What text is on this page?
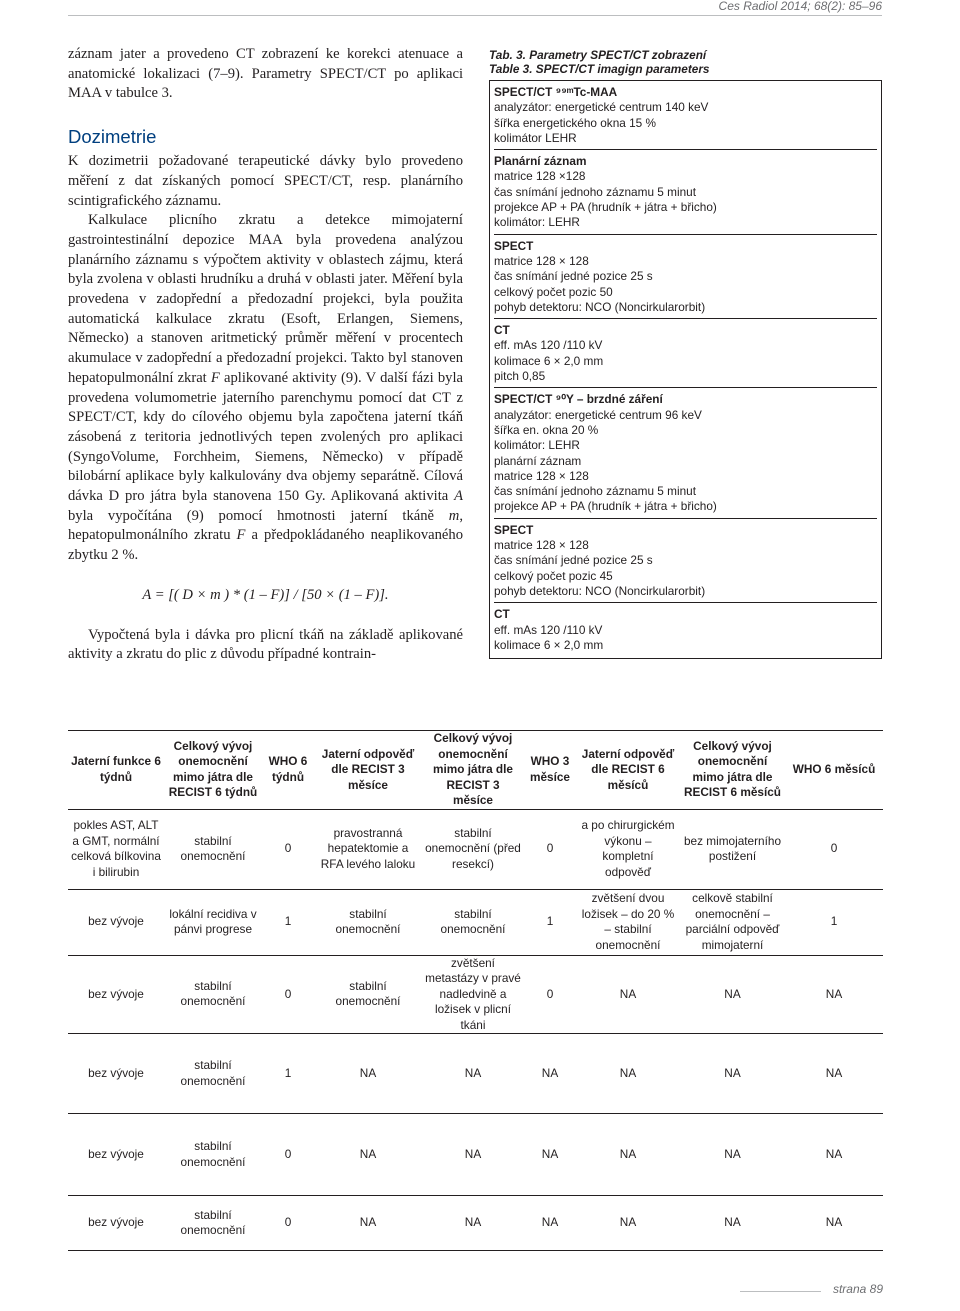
Ces Radiol 2014; 68(2): 85–96

záznam jater a provedeno CT zobrazení ke korekci atenuace a anatomické lokalizaci (7–9). Parametry SPECT/CT po aplikaci MAA v tabulce 3.

Dozimetrie

K dozimetrii požadované terapeutické dávky bylo provedeno měření z dat získaných pomocí SPECT/CT, resp. planárního scintigrafického záznamu.

Kalkulace plicního zkratu a detekce mimojaterní gastrointestinální depozice MAA byla provedena analýzou planárního záznamu s výpočtem aktivity v oblastech zájmu, která byla zvolena v oblasti hrudníku a druhá v oblasti jater. Měření byla provedena v zadopřední a předozadní projekci, byla použita automatická kalkulace zkratu (Esoft, Erlangen, Siemens, Německo) a stanoven aritmetický průměr měření v procentech akumulace v zadopřední a předozadní projekci. Takto byl stanoven hepatopulmonální zkrat F aplikované aktivity (9). V další fázi byla provedena volumometrie jaterního parenchymu pomocí dat CT z SPECT/CT, kdy do cílového objemu byla započtena jaterní tkáň zásobená z teritoria jednotlivých tepen zvolených pro aplikaci (SyngoVolume, Forchheim, Siemens, Německo) v případě bilobární aplikace byly kalkulovány dva objemy separátně. Cílová dávka D pro játra byla stanovena 150 Gy. Aplikovaná aktivita A byla vypočítána (9) pomocí hmotnosti jaterní tkáně m, hepatopulmonálního zkratu F a předpokládaného neaplikovaného zbytku 2 %.

A = [( D × m ) * (1 – F)] / [50 × (1 – F)].

Vypočtená byla i dávka pro plicní tkáň na základě aplikované aktivity a zkratu do plic z důvodu případné kontrain-

Tab. 3. Parametry SPECT/CT zobrazení
Table 3. SPECT/CT imagign parameters
SPECT/CT ⁹⁹ᵐTc-MAA
analyzátor: energetické centrum 140 keV
šířka energetického okna 15 %
kolimátor LEHR
Planární záznam
matrice 128 ×128
čas snímání jednoho záznamu 5 minut
projekce AP + PA (hrudník + játra + břicho)
kolimátor: LEHR
SPECT
matrice 128 × 128
čas snímání jedné pozice 25 s
celkový počet pozic 50
pohyb detektoru: NCO (Noncirkularorbit)
CT
eff. mAs 120 /110 kV
kolimace 6 × 2,0 mm
pitch 0,85
SPECT/CT ⁹⁰Y – brzdné záření
analyzátor: energetické centrum 96 keV
šířka en. okna 20 %
kolimátor: LEHR
planární záznam
matrice 128 × 128
čas snímání jednoho záznamu 5 minut
projekce AP + PA (hrudník + játra + břicho)
SPECT
matrice 128 × 128
čas snímání jedné pozice 25 s
celkový počet pozic 45
pohyb detektoru: NCO (Noncirkularorbit)
CT
eff. mAs 120 /110 kV
kolimace 6 × 2,0 mm
Jaterní funkce 6 týdnů	Celkový vývoj onemocnění mimo játra dle RECIST 6 týdnů	WHO 6 týdnů	Jaterní odpověď dle RECIST 3 měsíce	Celkový vývoj onemocnění mimo játra dle RECIST 3 měsíce	WHO 3 měsíce	Jaterní odpověď dle RECIST 6 měsíců	Celkový vývoj onemocnění mimo játra dle RECIST 6 měsíců	WHO 6 měsíců
pokles AST, ALT a GMT, normální celková bílkovina i bilirubin	stabilní onemocnění	0	pravostranná hepatektomie a RFA levého laloku	stabilní onemocnění (před resekcí)	0	a po chirurgickém výkonu – kompletní odpověď	bez mimojaterního postižení	0
bez vývoje	lokální recidiva v pánvi progrese	1	stabilní onemocnění	stabilní onemocnění	1	zvětšení dvou ložisek – do 20 % – stabilní onemocnění	celkově stabilní onemocnění – parciální odpověď mimojaterní	1
bez vývoje	stabilní onemocnění	0	stabilní onemocnění	zvětšení metastázy v pravé nadledvině a ložisek v plicní tkáni	0	NA	NA	NA
bez vývoje	stabilní onemocnění	1	NA	NA	NA	NA	NA	NA
bez vývoje	stabilní onemocnění	0	NA	NA	NA	NA	NA	NA
bez vývoje	stabilní onemocnění	0	NA	NA	NA	NA	NA	NA
strana 89
